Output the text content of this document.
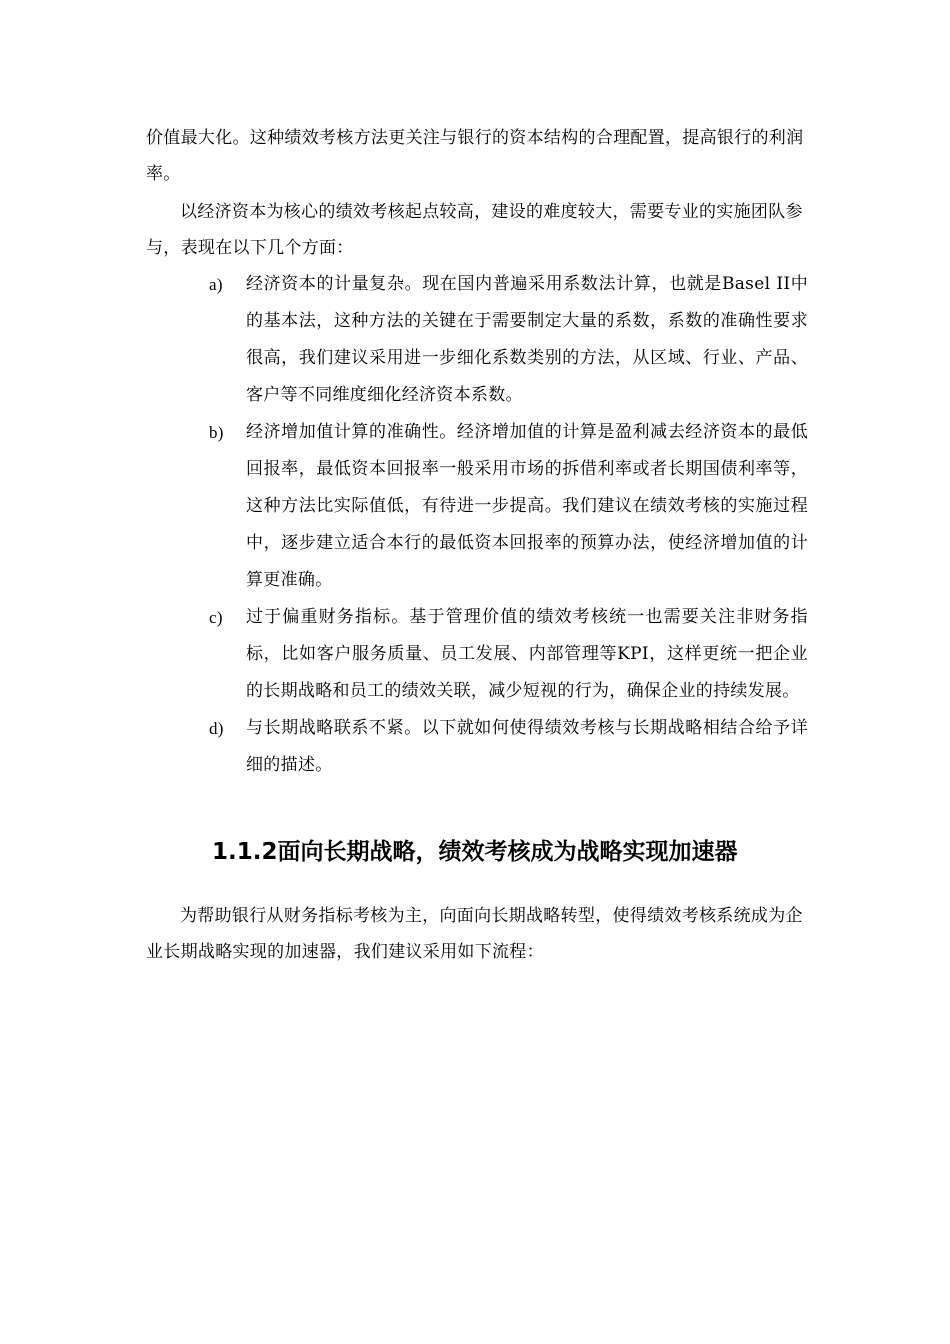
价值最大化。这种绩效考核方法更关注与银行的资本结构的合理配置，提高银行的利润率。

以经济资本为核心的绩效考核起点较高，建设的难度较大，需要专业的实施团队参与，表现在以下几个方面：

a) 经济资本的计量复杂。现在国内普遍采用系数法计算，也就是Basel II中的基本法，这种方法的关键在于需要制定大量的系数，系数的准确性要求很高，我们建议采用进一步细化系数类别的方法，从区域、行业、产品、客户等不同维度细化经济资本系数。
b) 经济增加值计算的准确性。经济增加值的计算是盈利减去经济资本的最低回报率，最低资本回报率一般采用市场的拆借利率或者长期国债利率等，这种方法比实际值低，有待进一步提高。我们建议在绩效考核的实施过程中，逐步建立适合本行的最低资本回报率的预算办法，使经济增加值的计算更准确。
c) 过于偏重财务指标。基于管理价值的绩效考核统一也需要关注非财务指标，比如客户服务质量、员工发展、内部管理等KPI，这样更统一把企业的长期战略和员工的绩效关联，减少短视的行为，确保企业的持续发展。
d) 与长期战略联系不紧。以下就如何使得绩效考核与长期战略相结合给予详细的描述。
1.1.2面向长期战略，绩效考核成为战略实现加速器

为帮助银行从财务指标考核为主，向面向长期战略转型，使得绩效考核系统成为企业长期战略实现的加速器，我们建议采用如下流程：
